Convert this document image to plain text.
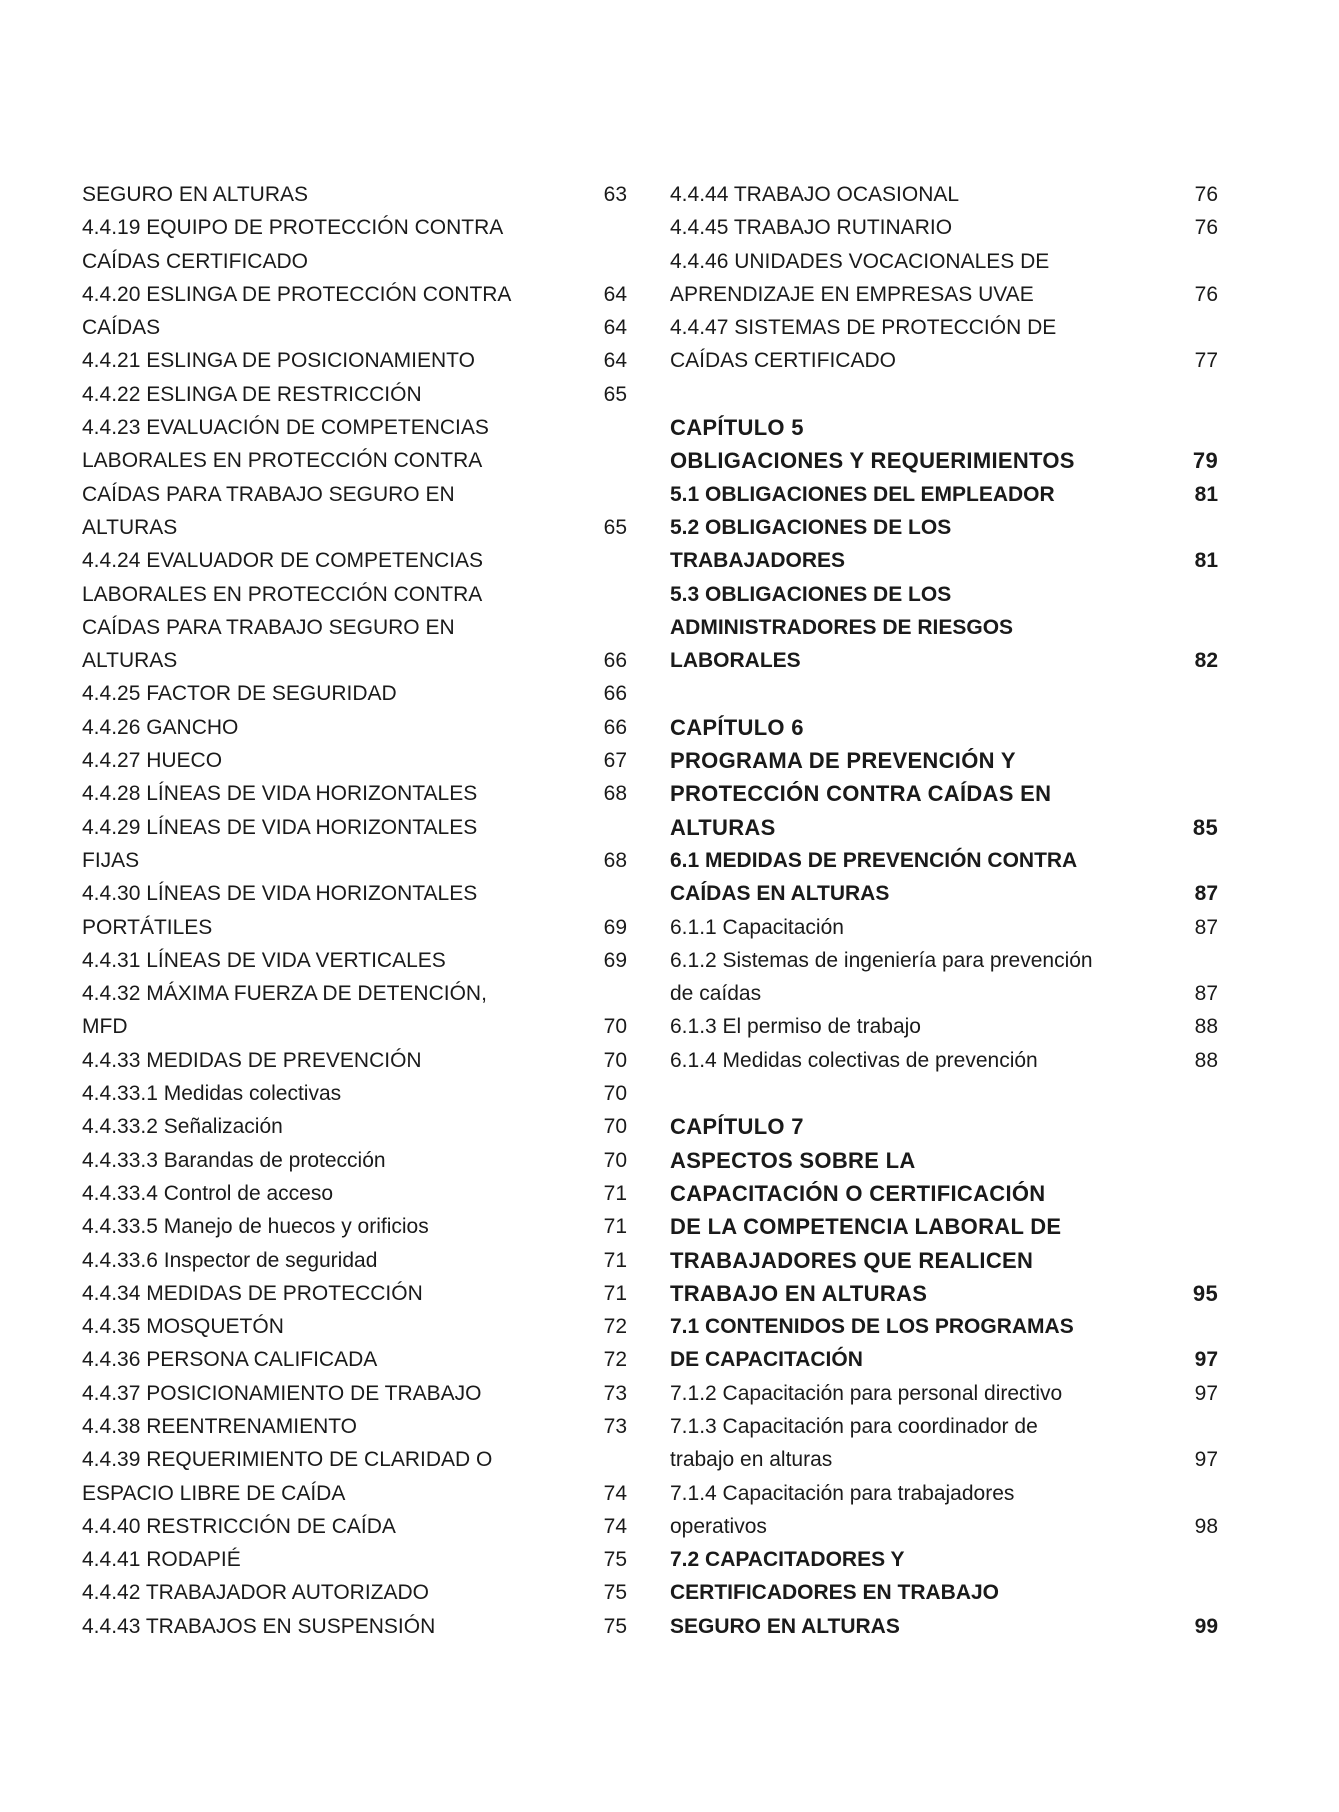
SEGURO EN ALTURAS	63
4.4.19 EQUIPO DE PROTECCIÓN CONTRA
CAÍDAS CERTIFICADO
4.4.20 ESLINGA DE PROTECCIÓN CONTRA	64
CAÍDAS	64
4.4.21 ESLINGA DE POSICIONAMIENTO	64
4.4.22 ESLINGA DE RESTRICCIÓN	65
4.4.23 EVALUACIÓN DE COMPETENCIAS
LABORALES EN PROTECCIÓN CONTRA
CAÍDAS PARA TRABAJO SEGURO EN
ALTURAS	65
4.4.24 EVALUADOR DE COMPETENCIAS
LABORALES EN PROTECCIÓN CONTRA
CAÍDAS PARA TRABAJO SEGURO EN
ALTURAS	66
4.4.25 FACTOR DE SEGURIDAD	66
4.4.26 GANCHO	66
4.4.27 HUECO	67
4.4.28 LÍNEAS DE VIDA HORIZONTALES	68
4.4.29 LÍNEAS DE VIDA HORIZONTALES
FIJAS	68
4.4.30 LÍNEAS DE VIDA HORIZONTALES
PORTÁTILES	69
4.4.31 LÍNEAS DE VIDA VERTICALES	69
4.4.32 MÁXIMA FUERZA DE DETENCIÓN,
MFD	70
4.4.33 MEDIDAS DE PREVENCIÓN	70
4.4.33.1 Medidas colectivas	70
4.4.33.2 Señalización	70
4.4.33.3 Barandas de protección	70
4.4.33.4 Control de acceso	71
4.4.33.5 Manejo de huecos y orificios	71
4.4.33.6 Inspector de seguridad	71
4.4.34 MEDIDAS DE PROTECCIÓN	71
4.4.35 MOSQUETÓN	72
4.4.36 PERSONA CALIFICADA	72
4.4.37 POSICIONAMIENTO DE TRABAJO	73
4.4.38 REENTRENAMIENTO	73
4.4.39 REQUERIMIENTO DE CLARIDAD O
ESPACIO LIBRE DE CAÍDA	74
4.4.40 RESTRICCIÓN DE CAÍDA	74
4.4.41 RODAPIÉ	75
4.4.42 TRABAJADOR AUTORIZADO	75
4.4.43 TRABAJOS EN SUSPENSIÓN	75
4.4.44 TRABAJO OCASIONAL	76
4.4.45 TRABAJO RUTINARIO	76
4.4.46 UNIDADES VOCACIONALES DE
APRENDIZAJE EN EMPRESAS UVAE	76
4.4.47 SISTEMAS DE PROTECCIÓN DE
CAÍDAS CERTIFICADO	77
CAPÍTULO 5
OBLIGACIONES Y REQUERIMIENTOS	79
5.1 OBLIGACIONES DEL EMPLEADOR	81
5.2 OBLIGACIONES DE LOS
TRABAJADORES	81
5.3 OBLIGACIONES DE LOS
ADMINISTRADORES DE RIESGOS
LABORALES	82
CAPÍTULO 6
PROGRAMA DE PREVENCIÓN Y
PROTECCIÓN CONTRA CAÍDAS EN
ALTURAS	85
6.1 MEDIDAS DE PREVENCIÓN CONTRA
CAÍDAS EN ALTURAS	87
6.1.1 Capacitación	87
6.1.2 Sistemas de ingeniería para prevención
de caídas	87
6.1.3 El permiso de trabajo	88
6.1.4 Medidas colectivas de prevención	88
CAPÍTULO 7
ASPECTOS SOBRE LA
CAPACITACIÓN O CERTIFICACIÓN
DE LA COMPETENCIA LABORAL DE
TRABAJADORES QUE REALICEN
TRABAJO EN ALTURAS	95
7.1 CONTENIDOS DE LOS PROGRAMAS
DE CAPACITACIÓN	97
7.1.2 Capacitación para personal directivo	97
7.1.3 Capacitación para coordinador de
trabajo en alturas	97
7.1.4 Capacitación para trabajadores
operativos	98
7.2 CAPACITADORES Y
CERTIFICADORES EN TRABAJO
SEGURO EN ALTURAS	99
